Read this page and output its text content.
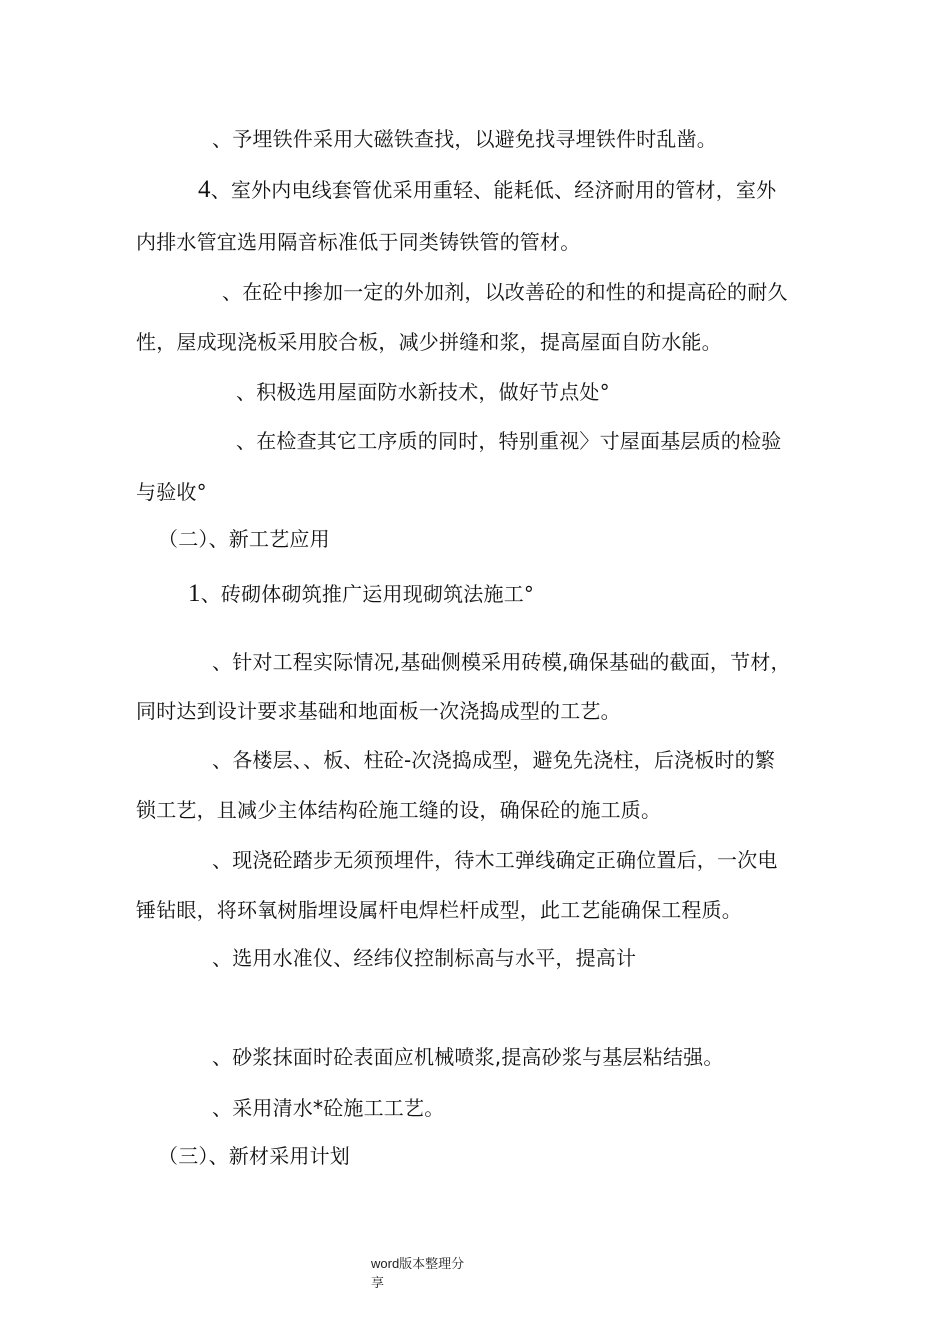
、予埋铁件采用大磁铁查找，以避免找寻埋铁件时乱凿。
4、室外内电线套管优采用重轻、能耗低、经济耐用的管材，室外
内排水管宜选用隔音标准低于同类铸铁管的管材。
、在砼中掺加一定的外加剂，以改善砼的和性的和提高砼的耐久
性，屋成现浇板采用胶合板，减少拼缝和浆，提高屋面自防水能。
、积极选用屋面防水新技术，做好节点处°
、在检查其它工序质的同时，特别重视〉寸屋面基层质的检验
与验收°
（二）、新工艺应用
1、砖砌体砌筑推广运用现砌筑法施工°
、针对工程实际情况,基础侧模采用砖模,确保基础的截面，节材，
同时达到设计要求基础和地面板一次浇捣成型的工艺。
、各楼层、、板、柱砼-次浇捣成型，避免先浇柱，后浇板时的繁
锁工艺，且减少主体结构砼施工缝的设，确保砼的施工质。
、现浇砼踏步无须预埋件，待木工弹线确定正确位置后，一次电
锤钻眼，将环氧树脂埋设属杆电焊栏杆成型，此工艺能确保工程质。
、选用水准仪、经纬仪控制标高与水平，提高计
、砂浆抹面时砼表面应机械喷浆,提高砂浆与基层粘结强。
、采用清水*砼施工工艺。
（三）、新材采用计划
word版本整理分
享
